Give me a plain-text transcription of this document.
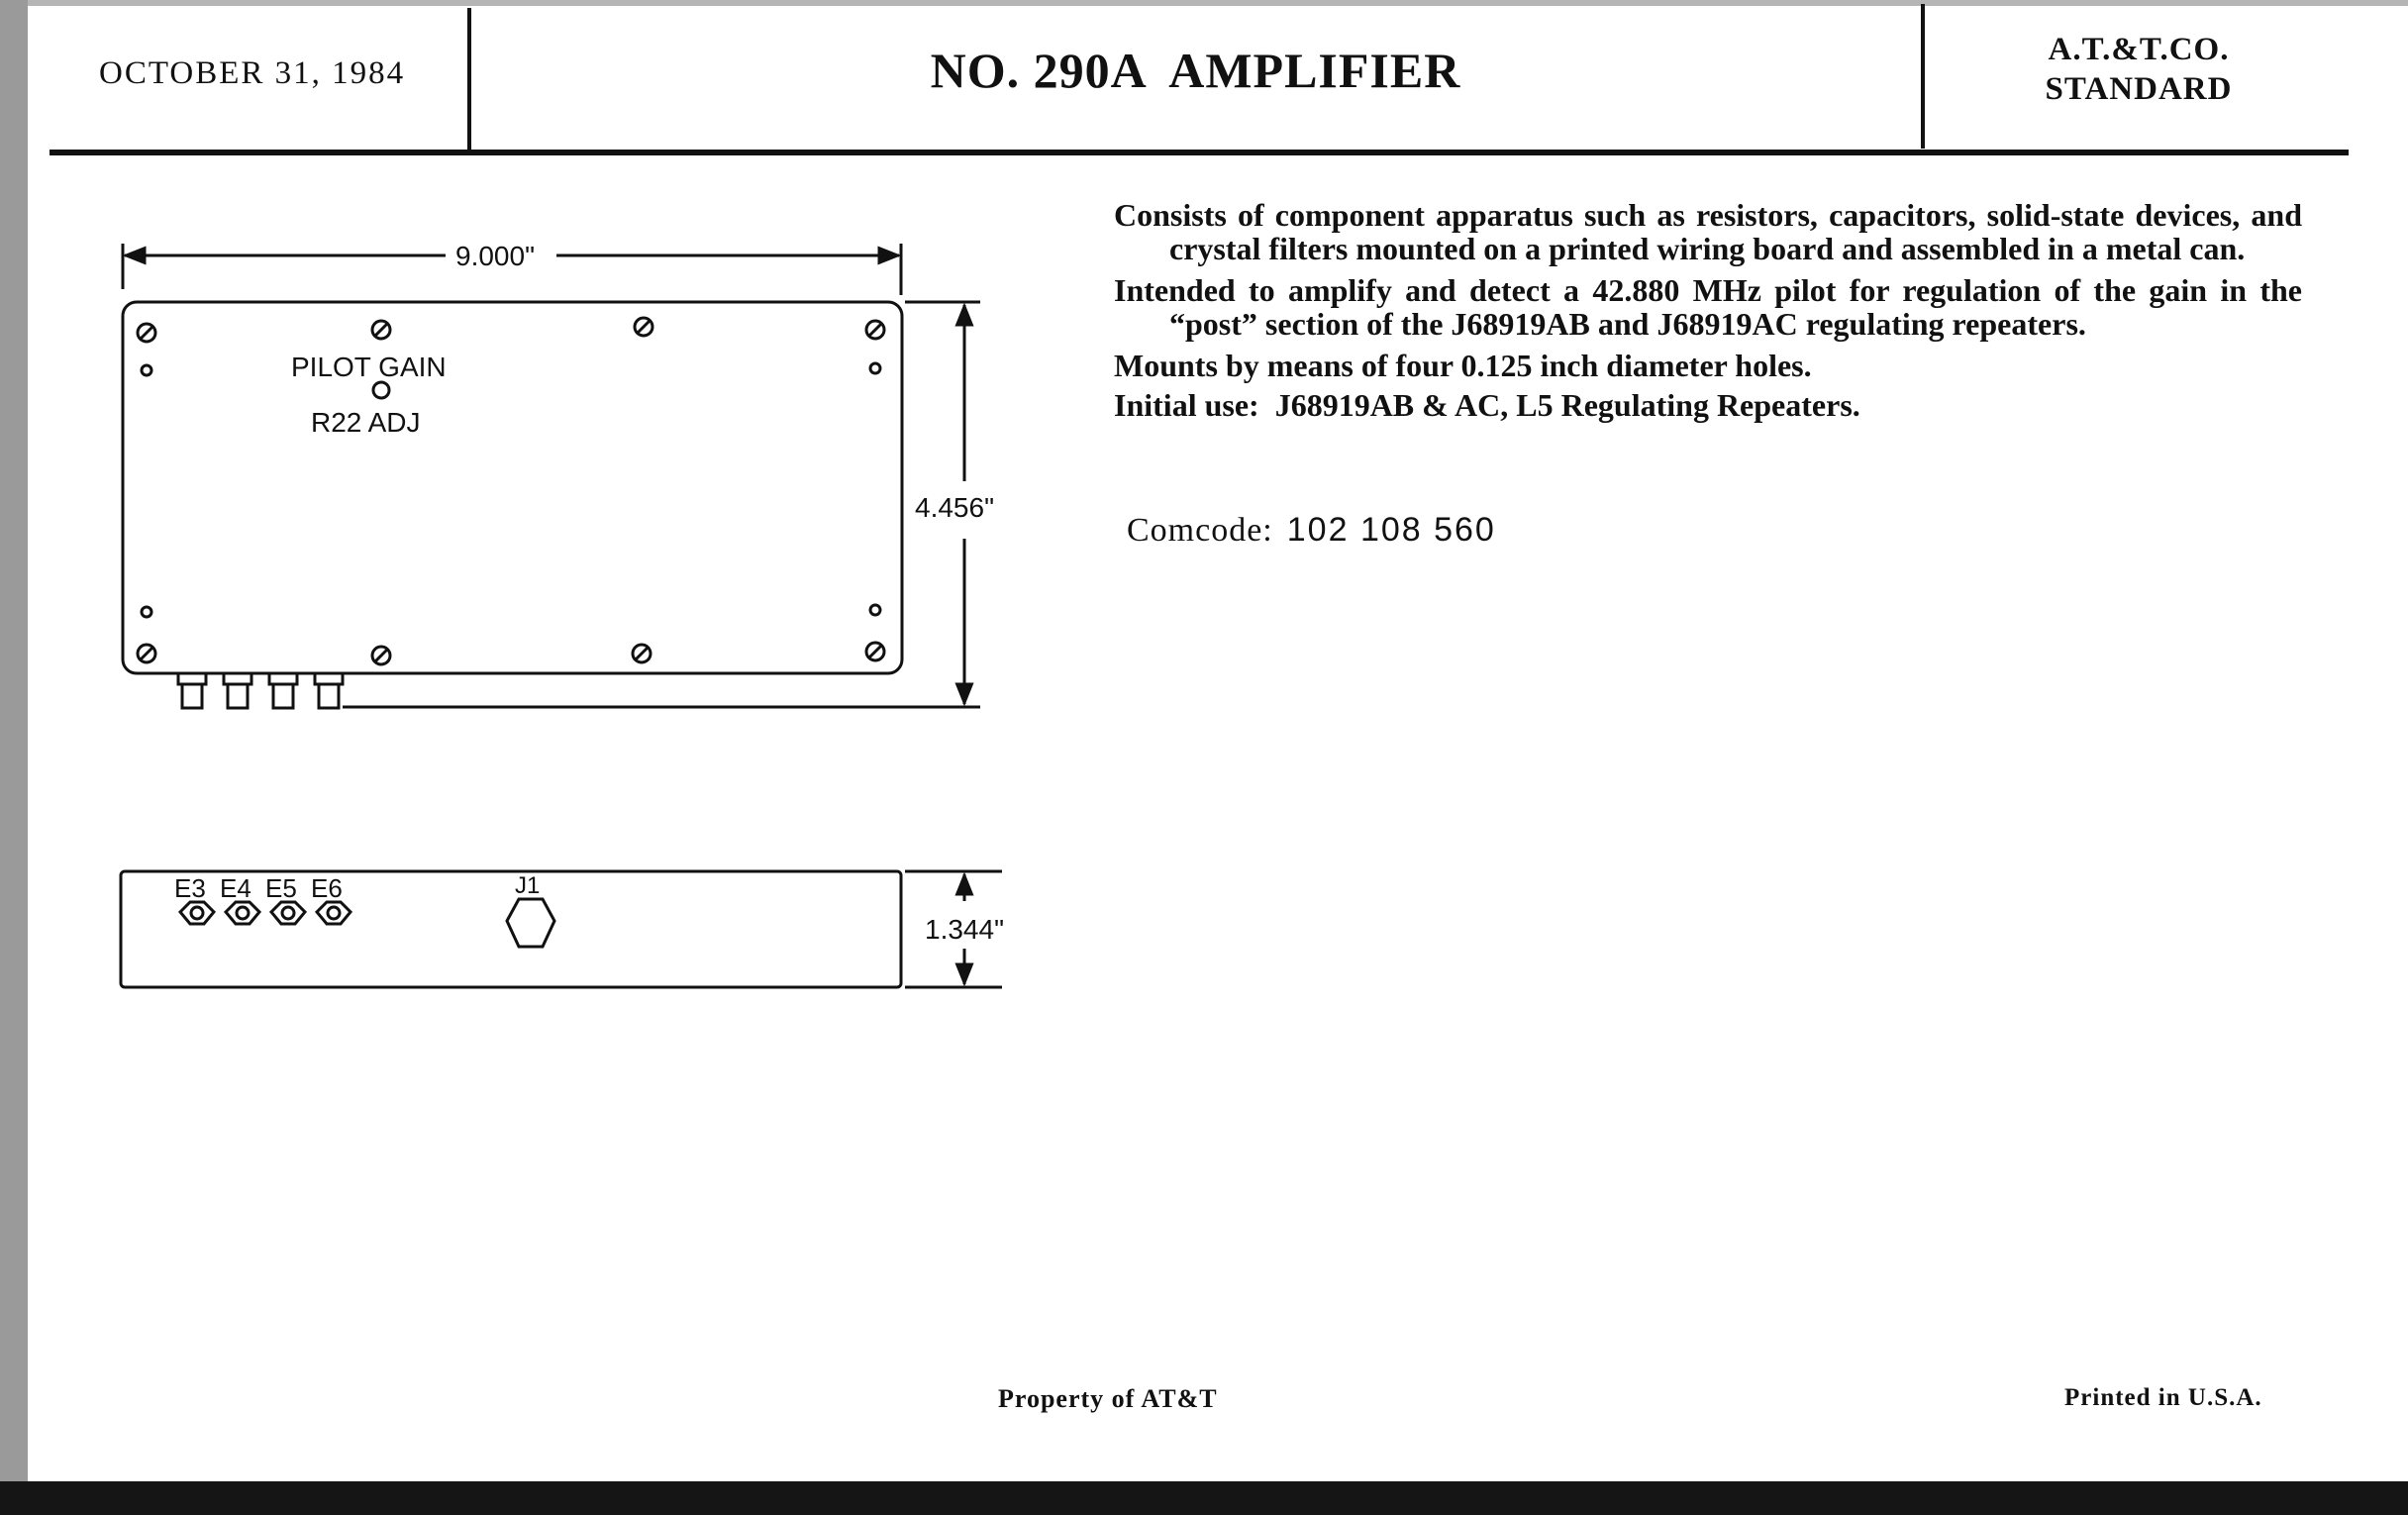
OCTOBER 31, 1984	NO. 290A  AMPLIFIER	A.T.&T.CO.
STANDARD
9.000"
PILOT GAIN
R22 ADJ
4.456"
E3 E4 E5 E6	J1
1.344"

Consists of component apparatus such as resistors, capacitors, solid-state devices, and crystal filters mounted on a printed wiring board and assembled in a metal can.

Intended to amplify and detect a 42.880 MHz pilot for regulation of the gain in the “post” section of the J68919AB and J68919AC regulating repeaters.

Mounts by means of four 0.125 inch diameter holes.

Initial use:  J68919AB & AC, L5 Regulating Repeaters.

Comcode: 102 108 560
Property of AT&T	Printed in U.S.A.
